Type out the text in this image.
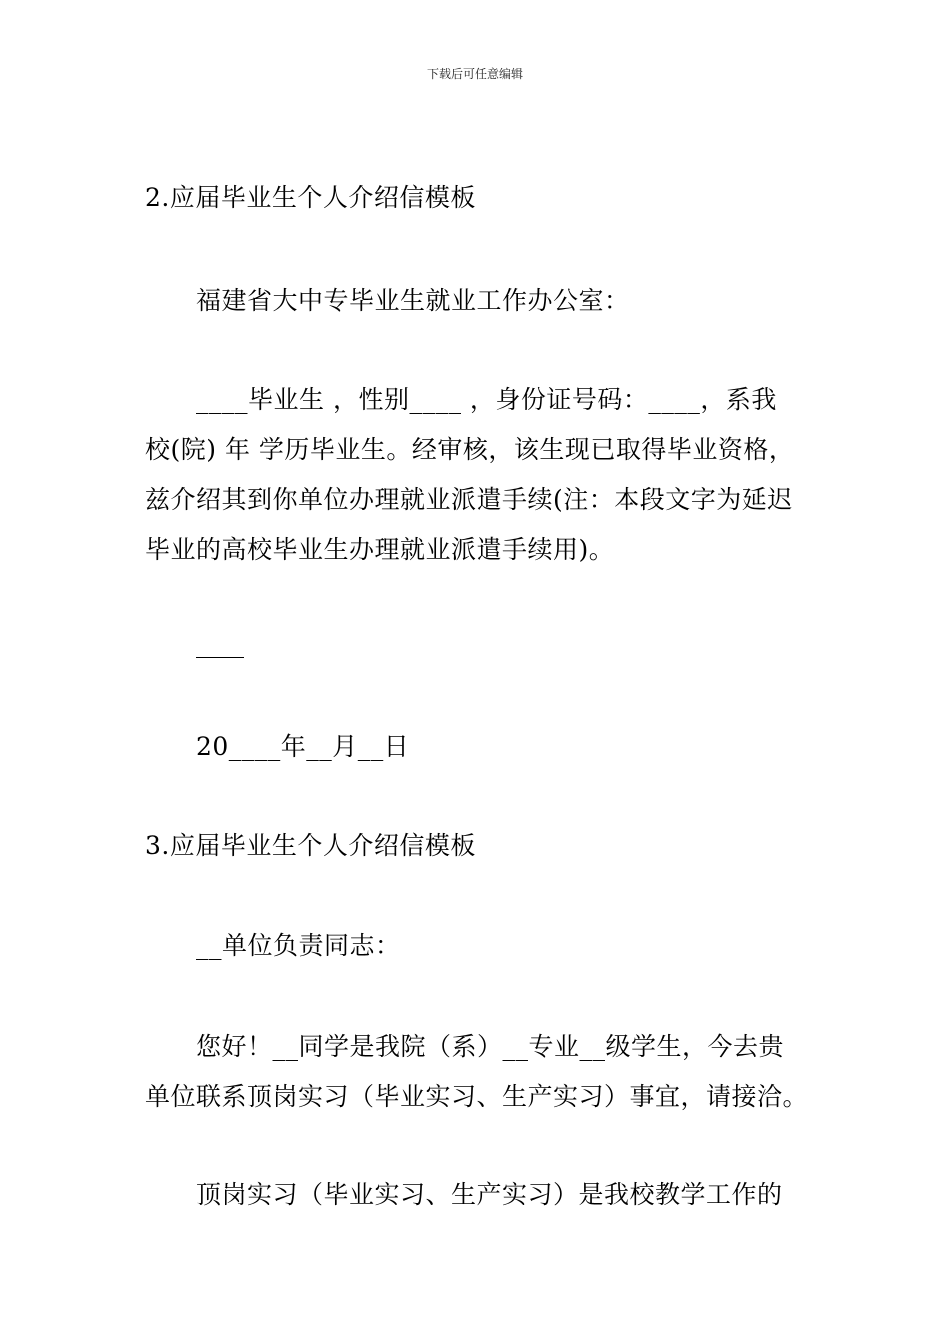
下载后可任意编辑
2.应届毕业生个人介绍信模板
福建省大中专毕业生就业工作办公室：
____毕业生 ，性别____ ，身份证号码：____，系我
校(院) 年 学历毕业生。经审核，该生现已取得毕业资格，
兹介绍其到你单位办理就业派遣手续(注：本段文字为延迟
毕业的高校毕业生办理就业派遣手续用)。
20____年__月__日
3.应届毕业生个人介绍信模板
__单位负责同志：
您好！__同学是我院（系）__专业__级学生，今去贵
单位联系顶岗实习（毕业实习、生产实习）事宜，请接洽。
顶岗实习（毕业实习、生产实习）是我校教学工作的
